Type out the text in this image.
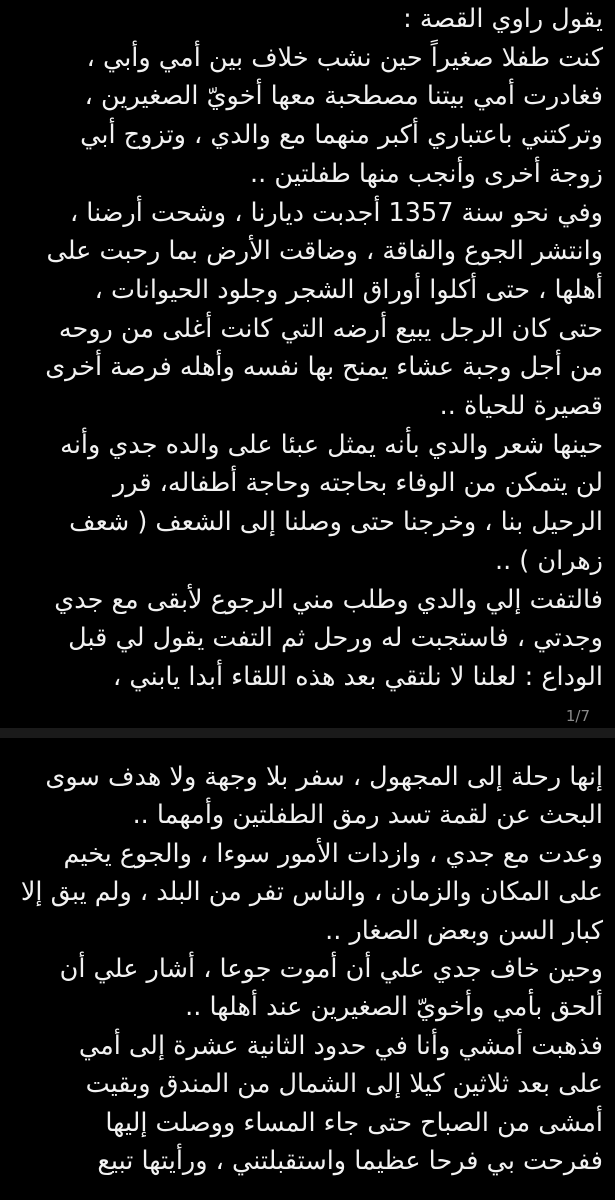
يقول راوي القصة :
كنت طفلا صغيراً حين نشب خلاف بين أمي وأبي ،
فغادرت أمي بيتنا مصطحبة معها أخويّ الصغيرين ،
وتركتني باعتباري أكبر منهما مع والدي ، وتزوج أبي
زوجة أخرى وأنجب منها طفلتين ..
وفي نحو سنة 1357 أجدبت ديارنا ، وشحت أرضنا ،
وانتشر الجوع والفاقة ، وضاقت الأرض بما رحبت على
أهلها ، حتى أكلوا أوراق الشجر وجلود الحيوانات ،
حتى كان الرجل يبيع أرضه التي كانت أغلى من روحه
من أجل وجبة عشاء يمنح بها نفسه وأهله فرصة أخرى
قصيرة للحياة ..
حينها شعر والدي بأنه يمثل عبئا على والده جدي وأنه
لن يتمكن من الوفاء بحاجته وحاجة أطفاله، قرر
الرحيل بنا ، وخرجنا حتى وصلنا إلى الشعف ( شعف
زهران ) ..
فالتفت إلي والدي وطلب مني الرجوع لأبقى مع جدي
وجدتي ، فاستجبت له ورحل ثم التفت يقول لي قبل
الوداع : لعلنا لا نلتقي بعد هذه اللقاء أبدا يابني ،
1/7
إنها رحلة إلى المجهول ، سفر بلا وجهة ولا هدف سوى
البحث عن لقمة تسد رمق الطفلتين وأمهما ..
وعدت مع جدي ، وازدات الأمور سوءا ، والجوع يخيم
على المكان والزمان ، والناس تفر من البلد ، ولم يبق إلا
كبار السن وبعض الصغار ..
وحين خاف جدي علي أن أموت جوعا ، أشار علي أن
ألحق بأمي وأخويّ الصغيرين عند أهلها ..
فذهبت أمشي وأنا في حدود الثانية عشرة إلى أمي
على بعد ثلاثين كيلا إلى الشمال من المندق وبقيت
أمشى من الصباح حتى جاء المساء ووصلت إليها
ففرحت بي فرحا عظيما واستقبلتني ، ورأيتها تبيع
